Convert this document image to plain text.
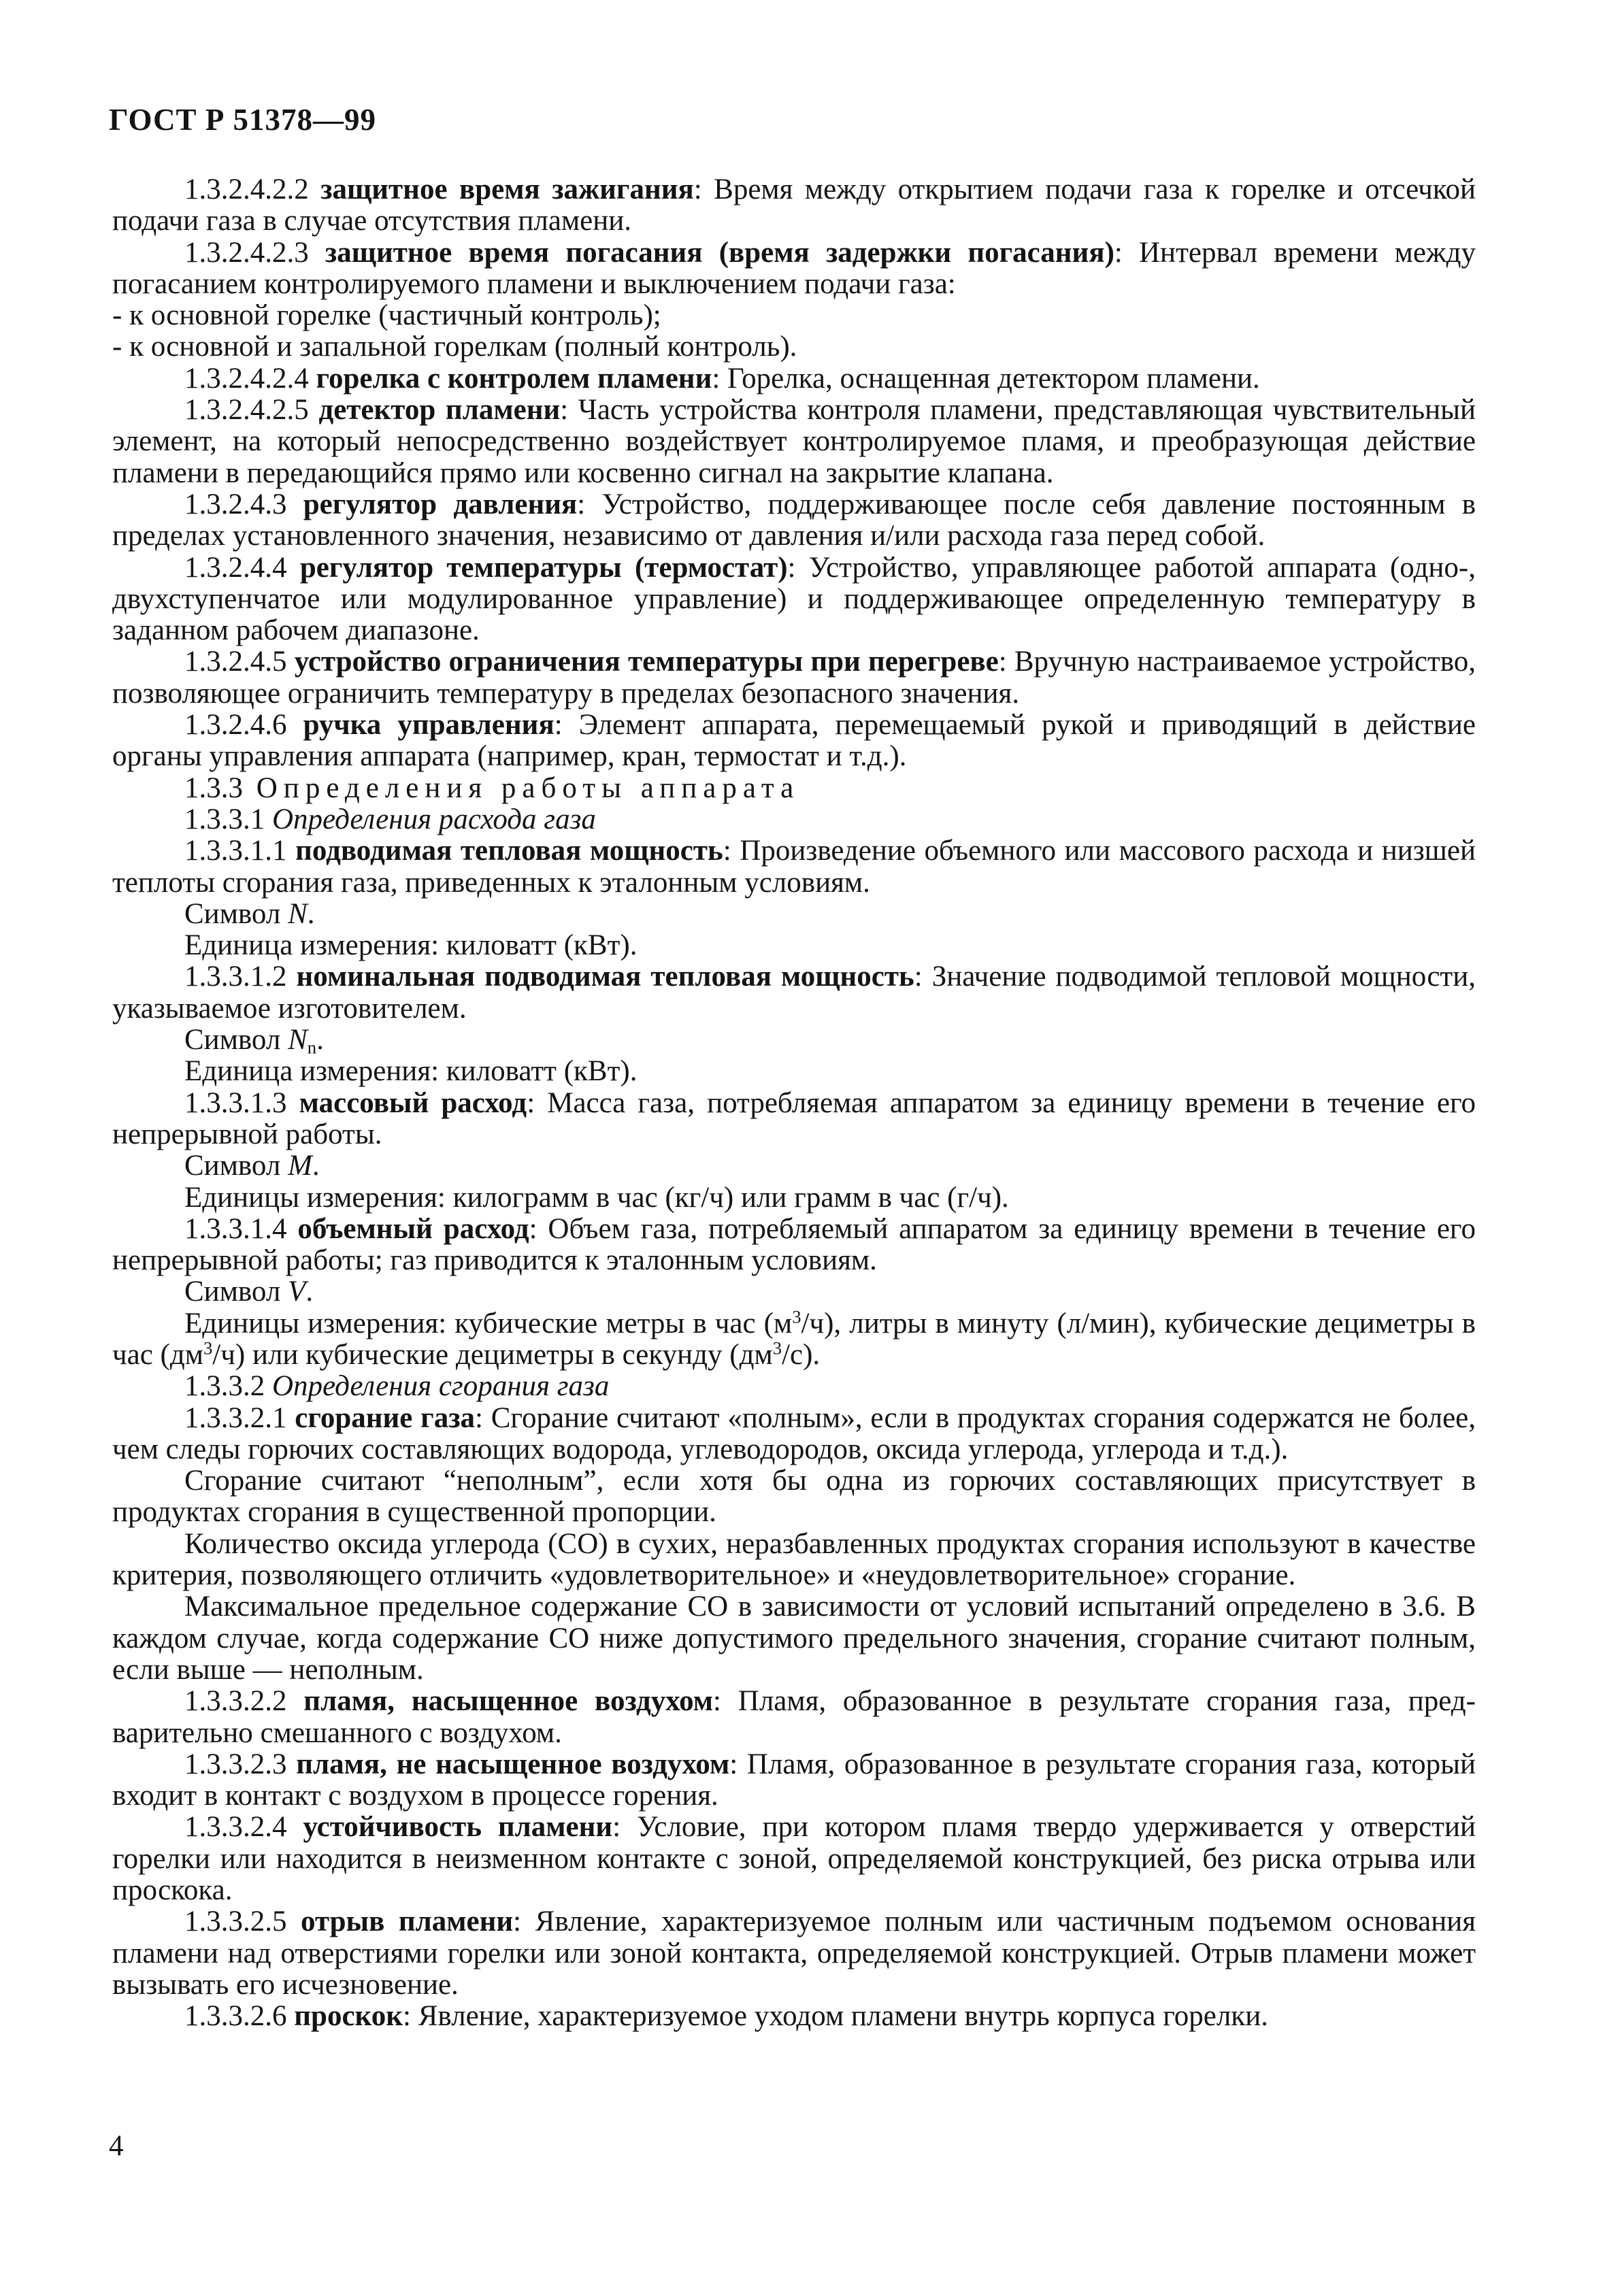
ГОСТ Р 51378—99

1.3.2.4.2.2 защитное время зажигания: Время между открытием подачи газа к горелке и отсечкой подачи газа в случае отсутствия пламени.

1.3.2.4.2.3 защитное время погасания (время задержки погасания): Интервал времени между погасанием контролируемого пламени и выключением подачи газа:

- к основной горелке (частичный контроль);

- к основной и запальной горелкам (полный контроль).

1.3.2.4.2.4 горелка с контролем пламени: Горелка, оснащенная детектором пламени.

1.3.2.4.2.5 детектор пламени: Часть устройства контроля пламени, представляющая чувствительный элемент, на который непосредственно воздействует контролируемое пламя, и преобразующая действие пламени в передающийся прямо или косвенно сигнал на закрытие клапана.

1.3.2.4.3 регулятор давления: Устройство, поддерживающее после себя давление постоянным в пределах установленного значения, независимо от давления и/или расхода газа перед собой.

1.3.2.4.4 регулятор температуры (термостат): Устройство, управляющее работой аппарата (одно-, двухступенчатое или модулированное управление) и поддерживающее определенную температуру в заданном рабочем диапазоне.

1.3.2.4.5 устройство ограничения температуры при перегреве: Вручную настраиваемое устройство, позволяющее ограничить температуру в пределах безопасного значения.

1.3.2.4.6 ручка управления: Элемент аппарата, перемещаемый рукой и приводящий в действие органы управления аппарата (например, кран, термостат и т.д.).

1.3.3 Определения работы аппарата

1.3.3.1 Определения расхода газа

1.3.3.1.1 подводимая тепловая мощность: Произведение объемного или массового расхода и низшей теплоты сгорания газа, приведенных к эталонным условиям.

Символ N.

Единица измерения: киловатт (кВт).

1.3.3.1.2 номинальная подводимая тепловая мощность: Значение подводимой тепловой мощности, указываемое изготовителем.

Символ $N_n$.

Единица измерения: киловатт (кВт).

1.3.3.1.3 массовый расход: Масса газа, потребляемая аппаратом за единицу времени в течение его непрерывной работы.

Символ M.

Единицы измерения: килограмм в час (кг/ч) или грамм в час (г/ч).

1.3.3.1.4 объемный расход: Объем газа, потребляемый аппаратом за единицу времени в течение его непрерывной работы; газ приводится к эталонным условиям.

Символ V.

Единицы измерения: кубические метры в час $(м^3/ч)$, литры в минуту (л/мин), кубические дециметры в час $(дм^3/ч)$ или кубические дециметры в секунду $(дм^3/с)$.

1.3.3.2 Определения сгорания газа

1.3.3.2.1 сгорание газа: Сгорание считают «полным», если в продуктах сгорания содержатся не более, чем следы горючих составляющих водорода, углеводородов, оксида углерода, углерода и т.д.).

Сгорание считают “неполным”, если хотя бы одна из горючих составляющих присутствует в продуктах сгорания в существенной пропорции.

Количество оксида углерода (СО) в сухих, неразбавленных продуктах сгорания используют в качестве критерия, позволяющего отличить «удовлетворительное» и «неудовлетворительное» сгорание.

Максимальное предельное содержание СО в зависимости от условий испытаний определено в 3.6. В каждом случае, когда содержание СО ниже допустимого предельного значения, сгорание считают полным, если выше — неполным.

1.3.3.2.2 пламя, насыщенное воздухом: Пламя, образованное в результате сгорания газа, предварительно смешанного с воздухом.

1.3.3.2.3 пламя, не насыщенное воздухом: Пламя, образованное в результате сгорания газа, который входит в контакт с воздухом в процессе горения.

1.3.3.2.4 устойчивость пламени: Условие, при котором пламя твердо удерживается у отверстий горелки или находится в неизменном контакте с зоной, определяемой конструкцией, без риска отрыва или проскока.

1.3.3.2.5 отрыв пламени: Явление, характеризуемое полным или частичным подъемом основания пламени над отверстиями горелки или зоной контакта, определяемой конструкцией. Отрыв пламени может вызывать его исчезновение.

1.3.3.2.6 проскок: Явление, характеризуемое уходом пламени внутрь корпуса горелки.

4
